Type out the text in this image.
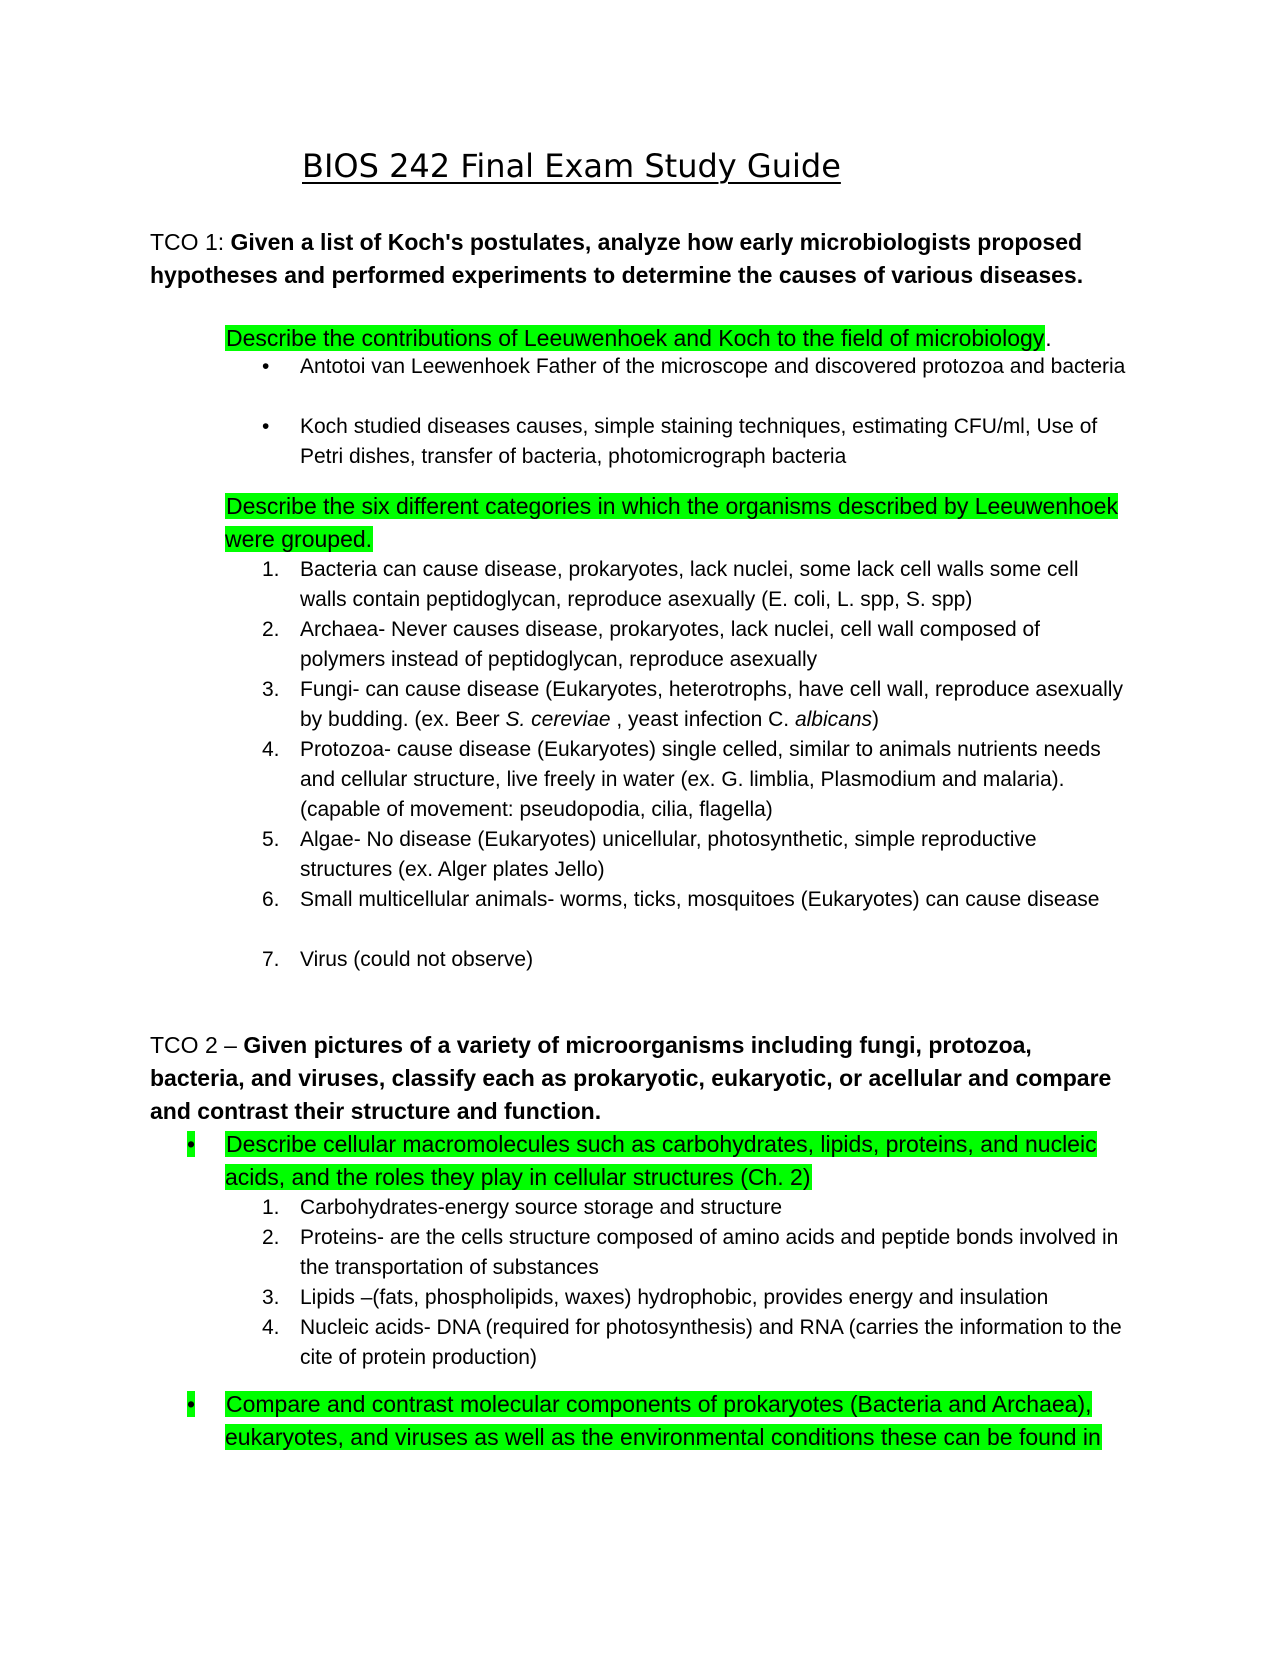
BIOS 242 Final Exam Study Guide
TCO 1: Given a list of Koch's postulates, analyze how early microbiologists proposed hypotheses and performed experiments to determine the causes of various diseases.
Describe the contributions of Leeuwenhoek and Koch to the field of microbiology.
• Antotoi van Leewenhoek Father of the microscope and discovered protozoa and bacteria
• Koch studied diseases causes, simple staining techniques, estimating CFU/ml, Use of Petri dishes, transfer of bacteria, photomicrograph bacteria
Describe the six different categories in which the organisms described by Leeuwenhoek were grouped.
1. Bacteria can cause disease, prokaryotes, lack nuclei, some lack cell walls some cell walls contain peptidoglycan, reproduce asexually (E. coli, L. spp, S. spp)
2. Archaea- Never causes disease, prokaryotes, lack nuclei, cell wall composed of polymers instead of peptidoglycan, reproduce asexually
3. Fungi- can cause disease (Eukaryotes, heterotrophs, have cell wall, reproduce asexually by budding. (ex. Beer S. cereviae , yeast infection C. albicans)
4. Protozoa- cause disease (Eukaryotes) single celled, similar to animals nutrients needs and cellular structure, live freely in water (ex. G. limblia, Plasmodium and malaria). (capable of movement: pseudopodia, cilia, flagella)
5. Algae- No disease (Eukaryotes) unicellular, photosynthetic, simple reproductive structures (ex. Alger plates Jello)
6. Small multicellular animals- worms, ticks, mosquitoes (Eukaryotes) can cause disease
7. Virus (could not observe)
TCO 2 – Given pictures of a variety of microorganisms including fungi, protozoa, bacteria, and viruses, classify each as prokaryotic, eukaryotic, or acellular and compare and contrast their structure and function.
• Describe cellular macromolecules such as carbohydrates, lipids, proteins, and nucleic acids, and the roles they play in cellular structures (Ch. 2)
1. Carbohydrates-energy source storage and structure
2. Proteins- are the cells structure composed of amino acids and peptide bonds involved in the transportation of substances
3. Lipids –(fats, phospholipids, waxes) hydrophobic, provides energy and insulation
4. Nucleic acids- DNA (required for photosynthesis) and RNA (carries the information to the cite of protein production)
• Compare and contrast molecular components of prokaryotes (Bacteria and Archaea), eukaryotes, and viruses as well as the environmental conditions these can be found in
